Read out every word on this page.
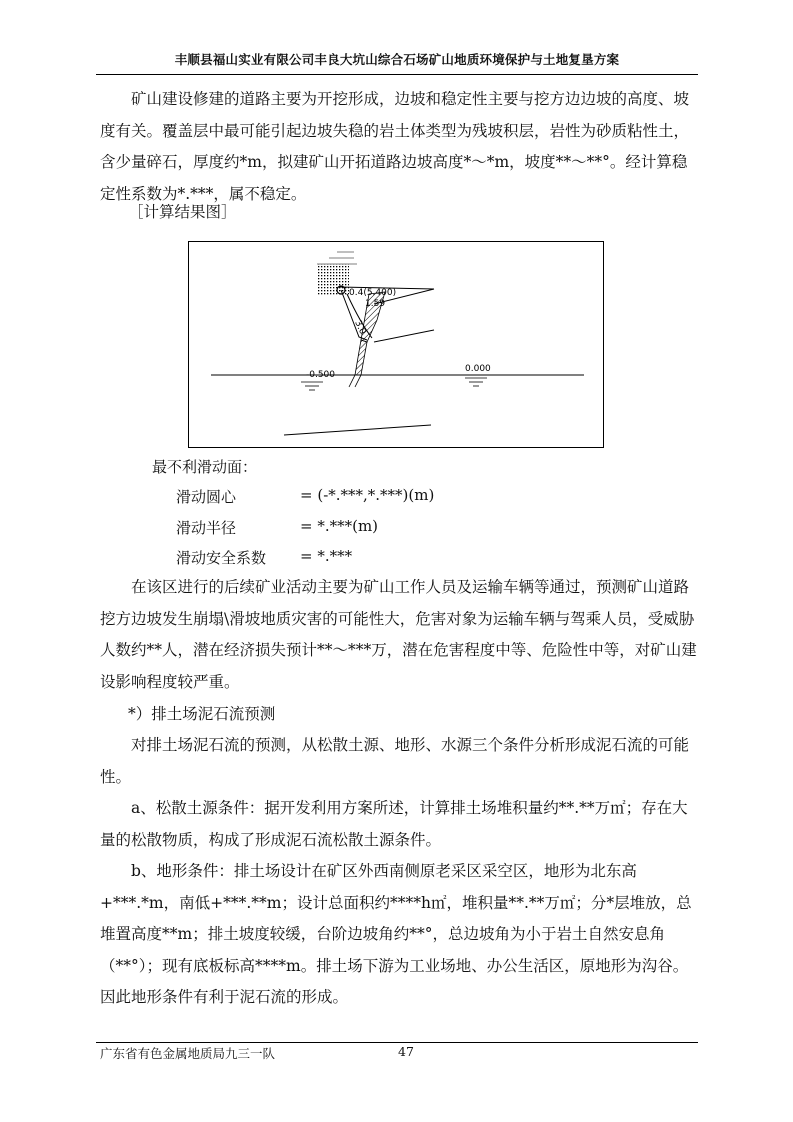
丰顺县福山实业有限公司丰良大坑山综合石场矿山地质环境保护与土地复垦方案

矿山建设修建的道路主要为开挖形成，边坡和稳定性主要与挖方边边坡的高度、坡度有关。覆盖层中最可能引起边坡失稳的岩土体类型为残坡积层，岩性为砂质粘性土，含少量碎石，厚度约*m，拟建矿山开拓道路边坡高度*～*m，坡度**～**°。经计算稳定性系数为*.***，属不稳定。

［计算结果图］
-0.500
0.000
0.4(5.400)
1.59
3.0
最不利滑动面：
滑动圆心	= (-*.***,*.***)(m)
滑动半径	= *.***(m)
滑动安全系数 = *.***

在该区进行的后续矿业活动主要为矿山工作人员及运输车辆等通过，预测矿山道路挖方边坡发生崩塌\滑坡地质灾害的可能性大，危害对象为运输车辆与驾乘人员，受威胁人数约**人，潜在经济损失预计**～***万，潜在危害程度中等、危险性中等，对矿山建设影响程度较严重。

*）排土场泥石流预测

对排土场泥石流的预测，从松散土源、地形、水源三个条件分析形成泥石流的可能性。

a、松散土源条件：据开发利用方案所述，计算排土场堆积量约**.**万㎡；存在大量的松散物质，构成了形成泥石流松散土源条件。

b、地形条件：排土场设计在矿区外西南侧原老采区采空区，地形为北东高+***.*m，南低+***.**m；设计总面积约****h㎡，堆积量**.**万㎡；分*层堆放，总堆置高度**m；排土坡度较缓，台阶边坡角约**°，总边坡角为小于岩土自然安息角（**°）；现有底板标高****m。排土场下游为工业场地、办公生活区，原地形为沟谷。因此地形条件有利于泥石流的形成。

广东省有色金属地质局九三一队	47
